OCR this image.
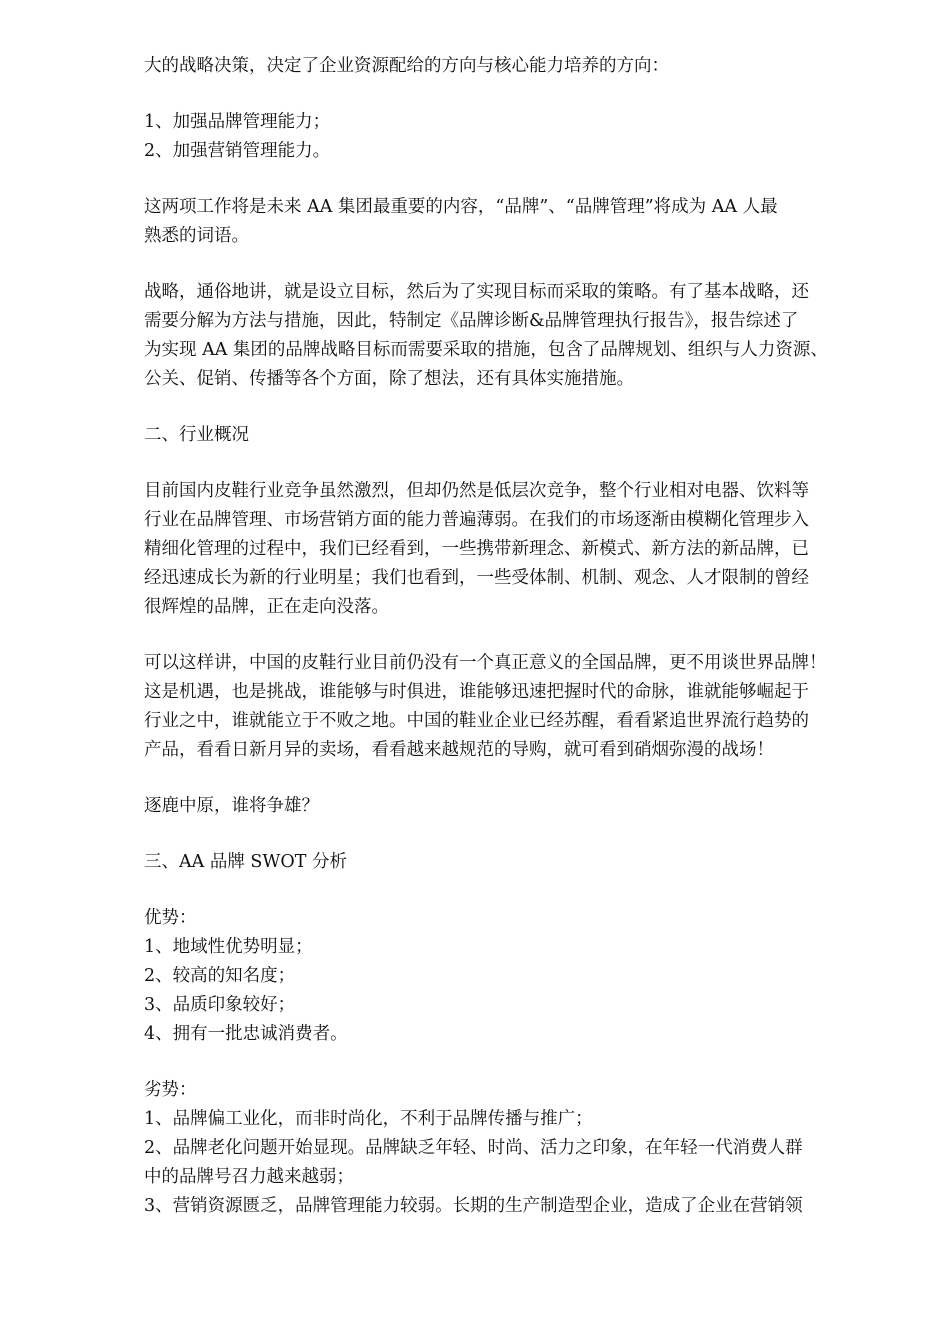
大的战略决策，决定了企业资源配给的方向与核心能力培养的方向：
1、加强品牌管理能力；
2、加强营销管理能力。
这两项工作将是未来 AA 集团最重要的内容，“品牌”、“品牌管理”将成为 AA 人最
熟悉的词语。
战略，通俗地讲，就是设立目标，然后为了实现目标而采取的策略。有了基本战略，还
需要分解为方法与措施，因此，特制定《品牌诊断&品牌管理执行报告》，报告综述了
为实现 AA 集团的品牌战略目标而需要采取的措施，包含了品牌规划、组织与人力资源、
公关、促销、传播等各个方面，除了想法，还有具体实施措施。
二、行业概况
目前国内皮鞋行业竞争虽然激烈，但却仍然是低层次竞争，整个行业相对电器、饮料等
行业在品牌管理、市场营销方面的能力普遍薄弱。在我们的市场逐渐由模糊化管理步入
精细化管理的过程中，我们已经看到，一些携带新理念、新模式、新方法的新品牌，已
经迅速成长为新的行业明星；我们也看到，一些受体制、机制、观念、人才限制的曾经
很辉煌的品牌，正在走向没落。
可以这样讲，中国的皮鞋行业目前仍没有一个真正意义的全国品牌，更不用谈世界品牌！
这是机遇，也是挑战，谁能够与时俱进，谁能够迅速把握时代的命脉，谁就能够崛起于
行业之中，谁就能立于不败之地。中国的鞋业企业已经苏醒，看看紧追世界流行趋势的
产品，看看日新月异的卖场，看看越来越规范的导购，就可看到硝烟弥漫的战场！
逐鹿中原，谁将争雄？
三、AA 品牌 SWOT 分析
优势：
1、地域性优势明显；
2、较高的知名度；
3、品质印象较好；
4、拥有一批忠诚消费者。
劣势：
1、品牌偏工业化，而非时尚化，不利于品牌传播与推广；
2、品牌老化问题开始显现。品牌缺乏年轻、时尚、活力之印象，在年轻一代消费人群
中的品牌号召力越来越弱；
3、营销资源匮乏，品牌管理能力较弱。长期的生产制造型企业，造成了企业在营销领
